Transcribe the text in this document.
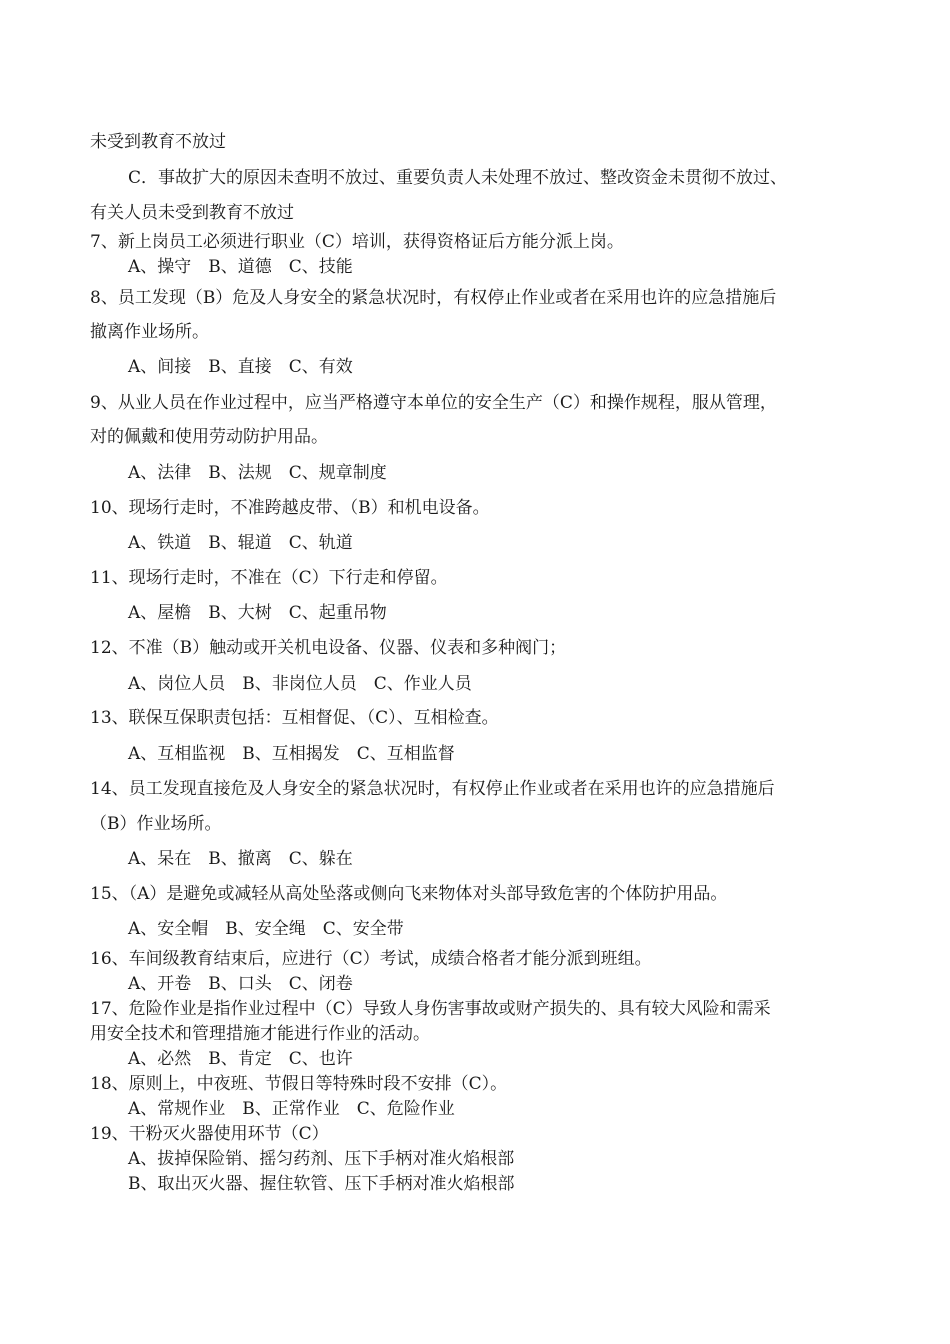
未受到教育不放过
C．事故扩大的原因未查明不放过、重要负责人未处理不放过、整改资金未贯彻不放过、
有关人员未受到教育不放过
7、新上岗员工必须进行职业（C）培训，获得资格证后方能分派上岗。
A、操守　B、道德　C、技能
8、员工发现（B）危及人身安全的紧急状况时，有权停止作业或者在采用也许的应急措施后
撤离作业场所。
A、间接　B、直接　C、有效
9、从业人员在作业过程中，应当严格遵守本单位的安全生产（C）和操作规程，服从管理，
对的佩戴和使用劳动防护用品。
A、法律　B、法规　C、规章制度
10、现场行走时，不准跨越皮带、（B）和机电设备。
A、铁道　B、辊道　C、轨道
11、现场行走时，不准在（C）下行走和停留。
A、屋檐　B、大树　C、起重吊物
12、不准（B）触动或开关机电设备、仪器、仪表和多种阀门；
A、岗位人员　B、非岗位人员　C、作业人员
13、联保互保职责包括：互相督促、（C）、互相检查。
A、互相监视　B、互相揭发　C、互相监督
14、员工发现直接危及人身安全的紧急状况时，有权停止作业或者在采用也许的应急措施后
（B）作业场所。
A、呆在　B、撤离　C、躲在
15、（A）是避免或减轻从高处坠落或侧向飞来物体对头部导致危害的个体防护用品。
A、安全帽　B、安全绳　C、安全带
16、车间级教育结束后，应进行（C）考试，成绩合格者才能分派到班组。
A、开卷　B、口头　C、闭卷
17、危险作业是指作业过程中（C）导致人身伤害事故或财产损失的、具有较大风险和需采
用安全技术和管理措施才能进行作业的活动。
A、必然　B、肯定　C、也许
18、原则上，中夜班、节假日等特殊时段不安排（C）。
A、常规作业　B、正常作业　C、危险作业
19、干粉灭火器使用环节（C）
A、拔掉保险销、摇匀药剂、压下手柄对准火焰根部
B、取出灭火器、握住软管、压下手柄对准火焰根部
